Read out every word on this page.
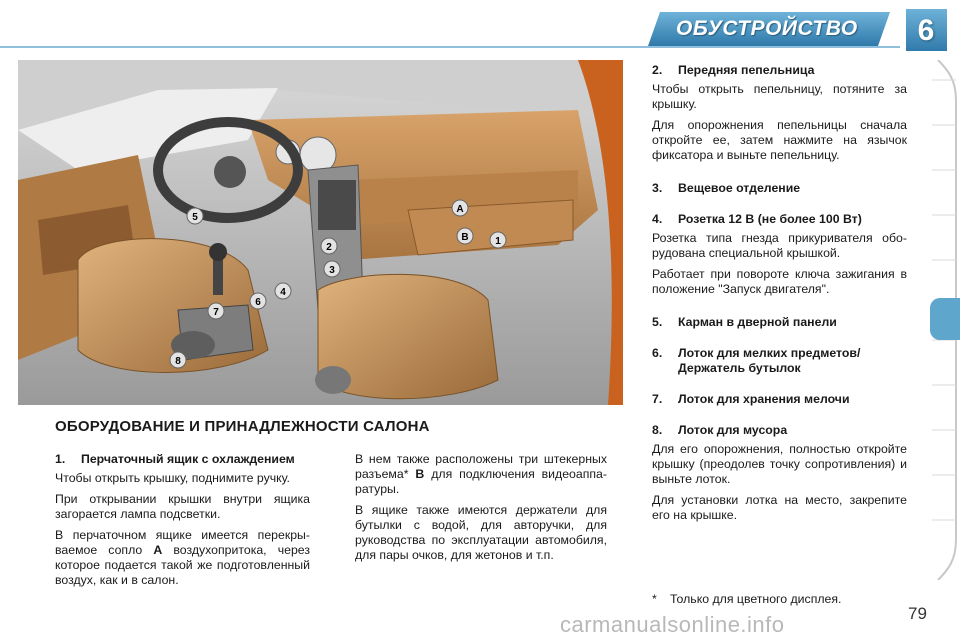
ОБУСТРОЙСТВО	6
A
B	1
2
3
4
5
6
7
8
ОБОРУДОВАНИЕ И ПРИНАДЛЕЖНОСТИ САЛОНА
1. Перчаточный ящик с охлаждением

Чтобы открыть крышку, поднимите ручку.

При открывании крышки внутри ящика загорается лампа подсветки.

В перчаточном ящике имеется перекрываемое сопло A воздухопритока, через которое подается такой же подготовленный воздух, как и в салон.

В нем также расположены три штекерных разъема* B для подключения видеоаппаратуры.

В ящике также имеются держатели для бутылки с водой, для авторучки, для руководства по эксплуатации автомобиля, для пары очков, для жетонов и т.п.

2. Передняя пепельница

Чтобы открыть пепельницу, потяните за крышку.

Для опорожнения пепельницы сначала откройте ее, затем нажмите на язычок фиксатора и выньте пепельницу.

3. Вещевое отделение
4. Розетка 12 В (не более 100 Вт)

Розетка типа гнезда прикуривателя оборудована специальной крышкой.

Работает при повороте ключа зажигания в положение "Запуск двигателя".

5. Карман в дверной панели
6. Лоток для мелких предметов/ Держатель бутылок
7. Лоток для хранения мелочи
8. Лоток для мусора

Для его опорожнения, полностью откройте крышку (преодолев точку сопротивления) и выньте лоток.

Для установки лотка на место, закрепите его на крышке.

* Только для цветного дисплея.
carmanualsonline.info	79
